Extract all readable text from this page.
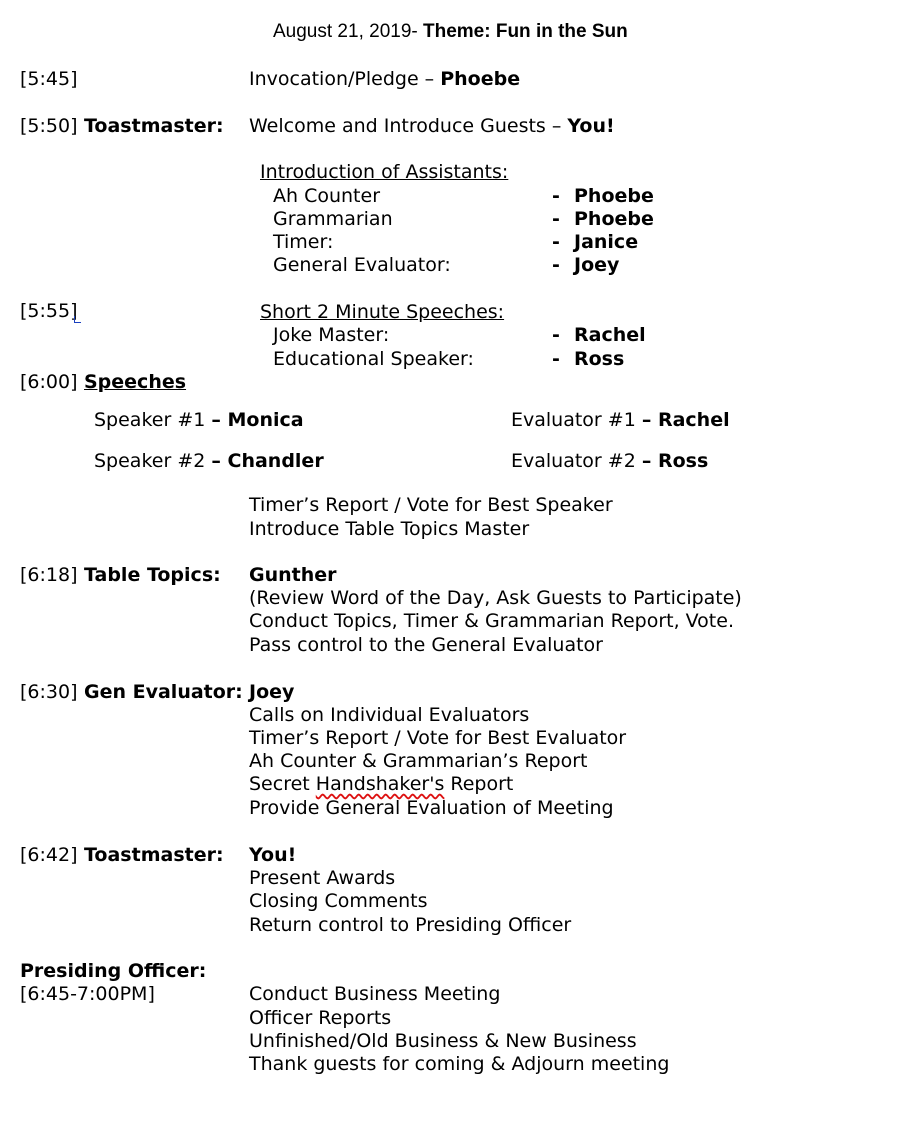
August 21, 2019- Theme: Fun in the Sun
[5:45]	Invocation/Pledge – Phoebe
[5:50] Toastmaster: Welcome and Introduce Guests – You!
Introduction of Assistants:
Ah Counter	- Phoebe
Grammarian	- Phoebe
Timer:	- Janice
General Evaluator:	- Joey
[5:55]	Short 2 Minute Speeches:
Joke Master:	- Rachel
Educational Speaker:	- Ross
[6:00] Speeches
Speaker #1 – Monica	Evaluator #1 – Rachel
Speaker #2 – Chandler	Evaluator #2 – Ross
Timer’s Report / Vote for Best Speaker
Introduce Table Topics Master
[6:18] Table Topics: Gunther
(Review Word of the Day, Ask Guests to Participate)
Conduct Topics, Timer & Grammarian Report, Vote.
Pass control to the General Evaluator
[6:30] Gen Evaluator: Joey
Calls on Individual Evaluators
Timer’s Report / Vote for Best Evaluator
Ah Counter & Grammarian’s Report
Secret Handshaker's Report
Provide General Evaluation of Meeting
[6:42] Toastmaster: You!
Present Awards
Closing Comments
Return control to Presiding Officer
Presiding Officer:
[6:45-7:00PM]	Conduct Business Meeting
Officer Reports
Unfinished/Old Business & New Business
Thank guests for coming & Adjourn meeting
